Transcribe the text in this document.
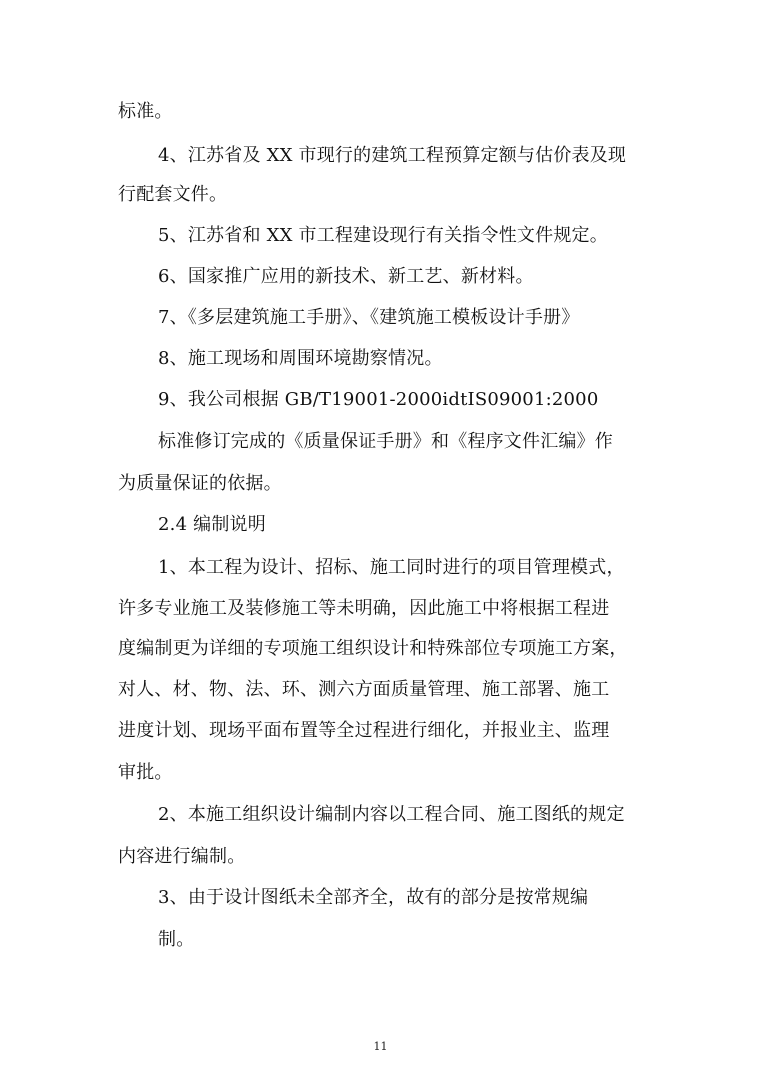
标准。
4、江苏省及 XX 市现行的建筑工程预算定额与估价表及现
行配套文件。
5、江苏省和 XX 市工程建设现行有关指令性文件规定。
6、国家推广应用的新技术、新工艺、新材料。
7、《多层建筑施工手册》、《建筑施工模板设计手册》
8、施工现场和周围环境勘察情况。
9、我公司根据 GB/T19001-2000idtIS09001:2000
标准修订完成的《质量保证手册》和《程序文件汇编》作
为质量保证的依据。
2.4 编制说明
1、本工程为设计、招标、施工同时进行的项目管理模式，
许多专业施工及装修施工等未明确，因此施工中将根据工程进
度编制更为详细的专项施工组织设计和特殊部位专项施工方案，
对人、材、物、法、环、测六方面质量管理、施工部署、施工
进度计划、现场平面布置等全过程进行细化，并报业主、监理
审批。
2、本施工组织设计编制内容以工程合同、施工图纸的规定
内容进行编制。
3、由于设计图纸未全部齐全，故有的部分是按常规编
制。
11
